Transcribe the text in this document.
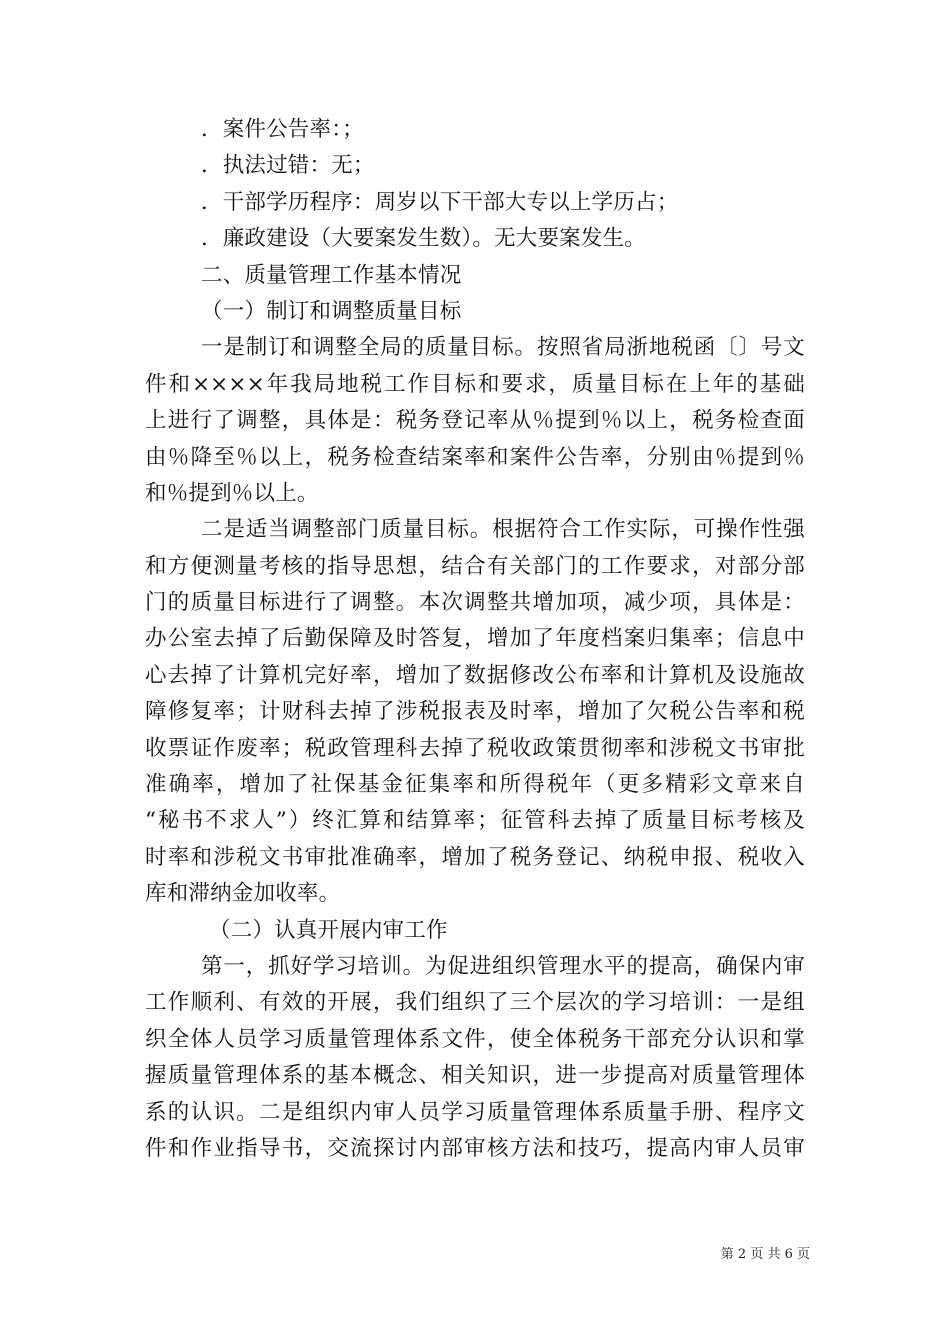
．案件公告率：；
．执法过错：无；
．干部学历程序：周岁以下干部大专以上学历占；
．廉政建设（大要案发生数）。无大要案发生。
二、质量管理工作基本情况
（一）制订和调整质量目标
一是制订和调整全局的质量目标。按照省局浙地税函〔〕号文
件和××××年我局地税工作目标和要求，质量目标在上年的基础
上进行了调整，具体是：税务登记率从％提到％以上，税务检查面
由％降至％以上，税务检查结案率和案件公告率，分别由％提到％
和％提到％以上。
二是适当调整部门质量目标。根据符合工作实际，可操作性强
和方便测量考核的指导思想，结合有关部门的工作要求，对部分部
门的质量目标进行了调整。本次调整共增加项，减少项，具体是：
办公室去掉了后勤保障及时答复，增加了年度档案归集率；信息中
心去掉了计算机完好率，增加了数据修改公布率和计算机及设施故
障修复率；计财科去掉了涉税报表及时率，增加了欠税公告率和税
收票证作废率；税政管理科去掉了税收政策贯彻率和涉税文书审批
准确率，增加了社保基金征集率和所得税年（更多精彩文章来自
“秘书不求人”）终汇算和结算率；征管科去掉了质量目标考核及
时率和涉税文书审批准确率，增加了税务登记、纳税申报、税收入
库和滞纳金加收率。
（二）认真开展内审工作
第一，抓好学习培训。为促进组织管理水平的提高，确保内审
工作顺利、有效的开展，我们组织了三个层次的学习培训：一是组
织全体人员学习质量管理体系文件，使全体税务干部充分认识和掌
握质量管理体系的基本概念、相关知识，进一步提高对质量管理体
系的认识。二是组织内审人员学习质量管理体系质量手册、程序文
件和作业指导书，交流探讨内部审核方法和技巧，提高内审人员审
第 2 页 共 6 页
